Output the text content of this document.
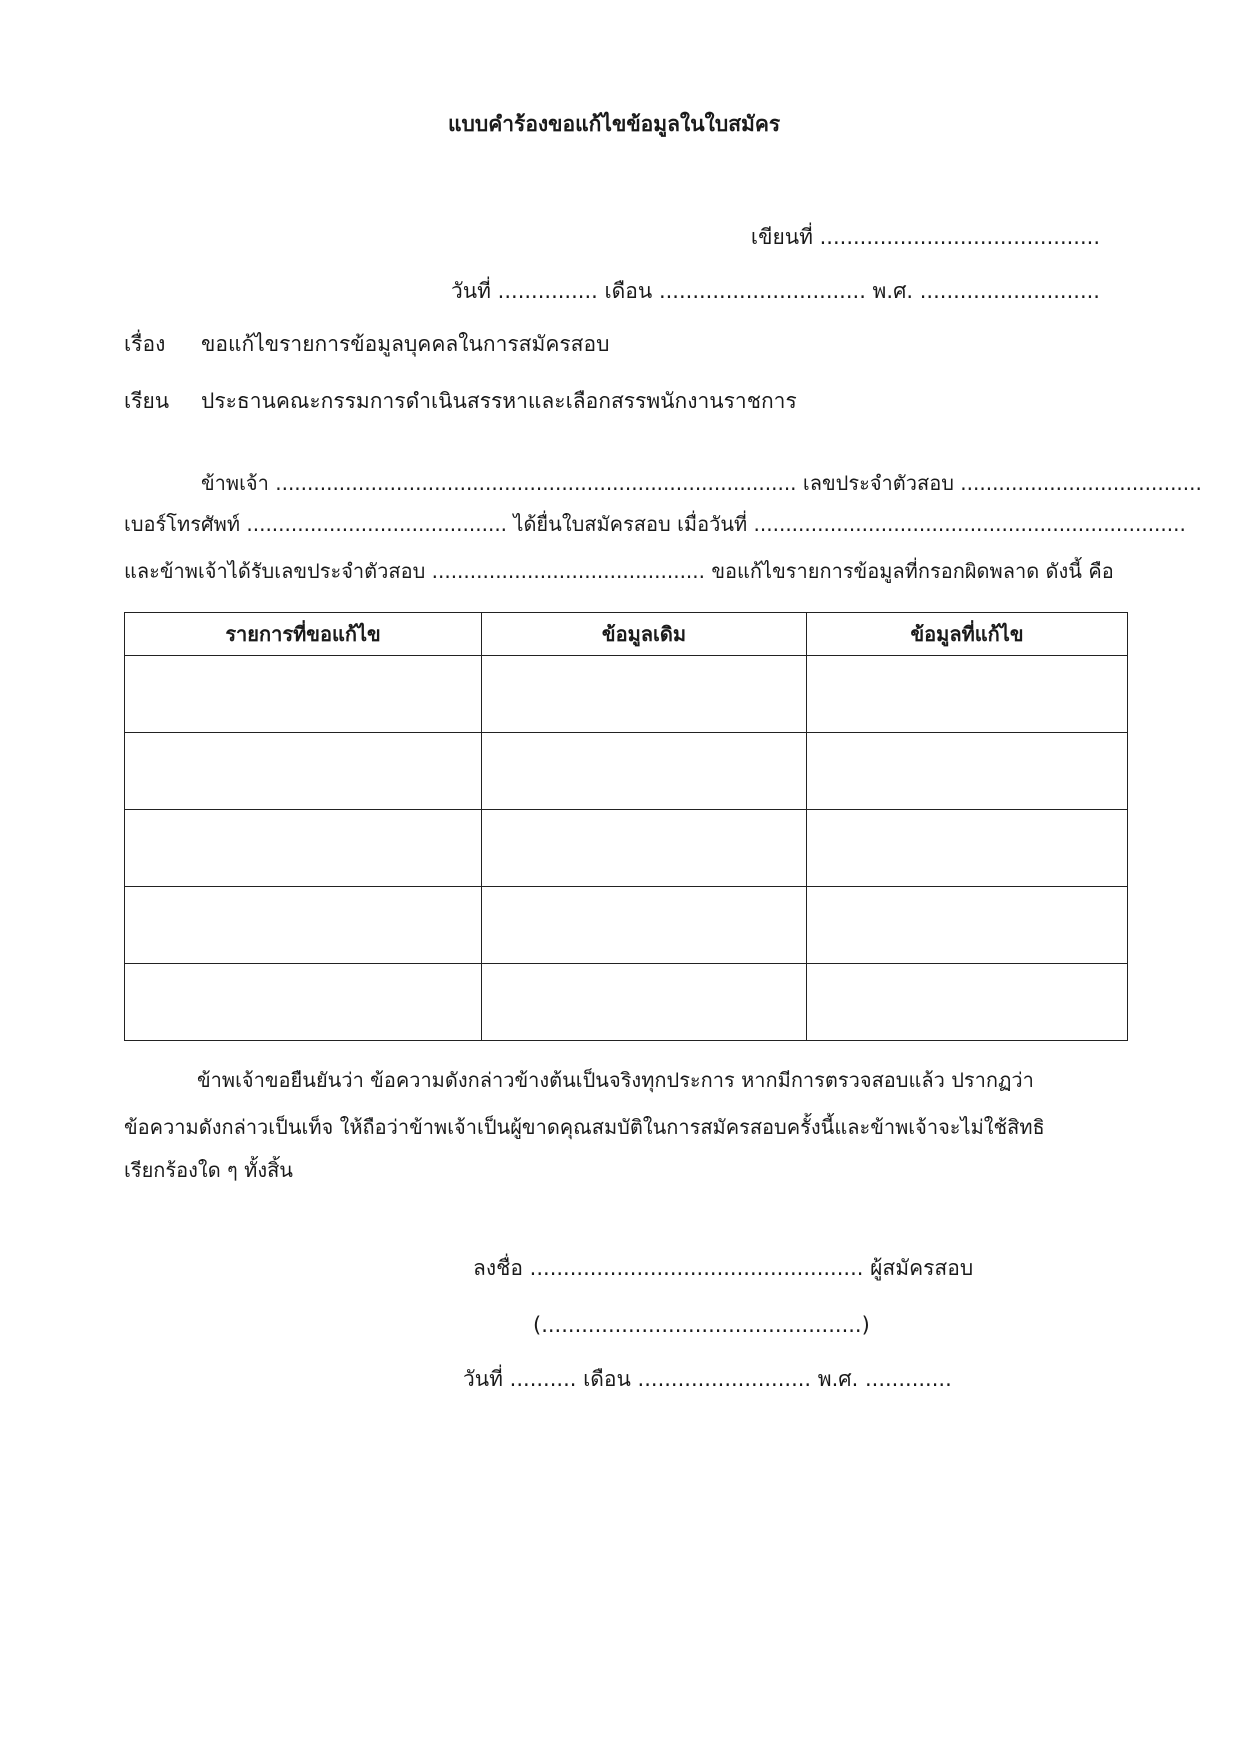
แบบคำร้องขอแก้ไขข้อมูลในใบสมัคร
เขียนที่ ..........................................
วันที่ ............... เดือน ............................... พ.ศ. ...........................
เรื่อง ขอแก้ไขรายการข้อมูลบุคคลในการสมัครสอบ
เรียน ประธานคณะกรรมการดำเนินสรรหาและเลือกสรรพนักงานราชการ
ข้าพเจ้า .................................................................................. เลขประจำตัวสอบ ......................................
เบอร์โทรศัพท์ ......................................... ได้ยื่นใบสมัครสอบ เมื่อวันที่ ....................................................................
และข้าพเจ้าได้รับเลขประจำตัวสอบ ........................................... ขอแก้ไขรายการข้อมูลที่กรอกผิดพลาด ดังนี้ คือ
รายการที่ขอแก้ไข	ข้อมูลเดิม	ข้อมูลที่แก้ไข

ข้าพเจ้าขอยืนยันว่า ข้อความดังกล่าวข้างต้นเป็นจริงทุกประการ หากมีการตรวจสอบแล้ว ปรากฏว่า
ข้อความดังกล่าวเป็นเท็จ ให้ถือว่าข้าพเจ้าเป็นผู้ขาดคุณสมบัติในการสมัครสอบครั้งนี้และข้าพเจ้าจะไม่ใช้สิทธิ
เรียกร้องใด ๆ ทั้งสิ้น
ลงชื่อ .................................................. ผู้สมัครสอบ
(................................................)
วันที่ .......... เดือน .......................... พ.ศ. .............
